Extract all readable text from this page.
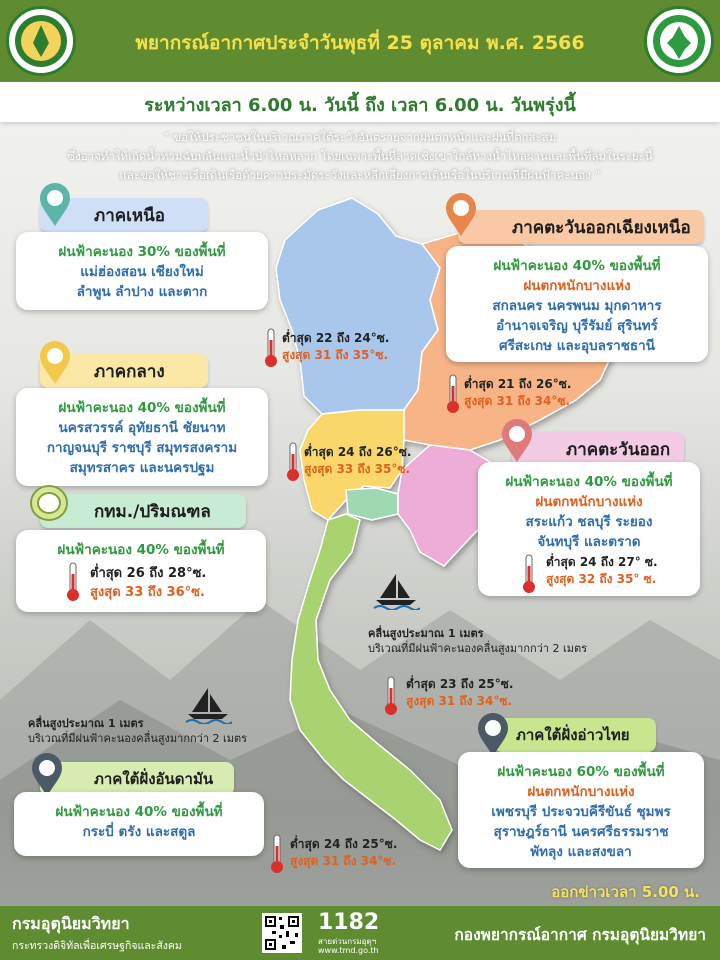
พยากรณ์อากาศประจำวันพุธที่ 25 ตุลาคม พ.ศ. 2566
ระหว่างเวลา 6.00 น. วันนี้ ถึง เวลา 6.00 น. วันพรุ่งนี้
“ ขอให้ประชาชนในบริเวณภาคใต้ระวังอันตรายจากฝนตกหนักและฝนที่ตกสะสม
ซึ่งอาจทำให้เกิดน้ำท่วมฉับพลันและน้ำป่าไหลหลาก โดยเฉพาะพื้นที่ลาดเชิงเขาใกล้ทางน้ำไหลผ่านและพื้นที่ลุ่มในระยะนี้
และขอให้ชาวเรือเดินเรือด้วยความระมัดระวังและหลีกเลี่ยงการเดินเรือในบริเวณที่มีฝนฟ้าคะนอง ”
ภาคเหนือ
ฝนฟ้าคะนอง 30% ของพื้นที่
แม่ฮ่องสอน เชียงใหม่
ลำพูน ลำปาง และตาก
ต่ำสุด 22 ถึง 24°ซ.
สูงสุด 31 ถึง 35°ซ.
ภาคตะวันออกเฉียงเหนือ
ฝนฟ้าคะนอง 40% ของพื้นที่
ฝนตกหนักบางแห่ง
สกลนคร นครพนม มุกดาหาร
อำนาจเจริญ บุรีรัมย์ สุรินทร์
ศรีสะเกษ และอุบลราชธานี
ต่ำสุด 21 ถึง 26°ซ.
สูงสุด 31 ถึง 34°ซ.
ภาคกลาง
ฝนฟ้าคะนอง 40% ของพื้นที่
นครสวรรค์ อุทัยธานี ชัยนาท
กาญจนบุรี ราชบุรี สมุทรสงคราม
สมุทรสาคร และนครปฐม
ต่ำสุด 24 ถึง 26°ซ.
สูงสุด 33 ถึง 35°ซ.
ภาคตะวันออก
ฝนฟ้าคะนอง 40% ของพื้นที่
ฝนตกหนักบางแห่ง
สระแก้ว ชลบุรี ระยอง
จันทบุรี และตราด
ต่ำสุด 24 ถึง 27° ซ.
สูงสุด 32 ถึง 35° ซ.
กทม./ปริมณฑล
ฝนฟ้าคะนอง 40% ของพื้นที่
ต่ำสุด 26 ถึง 28°ซ.
สูงสุด 33 ถึง 36°ซ.
คลื่นสูงประมาณ 1 เมตร
บริเวณที่มีฝนฟ้าคะนองคลื่นสูงมากกว่า 2 เมตร
ต่ำสุด 23 ถึง 25°ซ.
สูงสุด 31 ถึง 34°ซ.
คลื่นสูงประมาณ 1 เมตร
บริเวณที่มีฝนฟ้าคะนองคลื่นสูงมากกว่า 2 เมตร	ภาคใต้ฝั่งอ่าวไทย
ฝนฟ้าคะนอง 60% ของพื้นที่
ฝนตกหนักบางแห่ง
เพชรบุรี ประจวบคีรีขันธ์ ชุมพร
สุราษฎร์ธานี นครศรีธรรมราช
พัทลุง และสงขลา
ภาคใต้ฝั่งอันดามัน
ฝนฟ้าคะนอง 40% ของพื้นที่
กระบี่ ตรัง และสตูล
ต่ำสุด 24 ถึง 25°ซ.
สูงสุด 31 ถึง 34°ซ.
ออกข่าวเวลา 5.00 น.
กรมอุตุนิยมวิทยา
กระทรวงดิจิทัลเพื่อเศรษฐกิจและสังคม
1182
สายด่วนกรมอุตุฯ
www.tmd.go.th
กองพยากรณ์อากาศ กรมอุตุนิยมวิทยา
